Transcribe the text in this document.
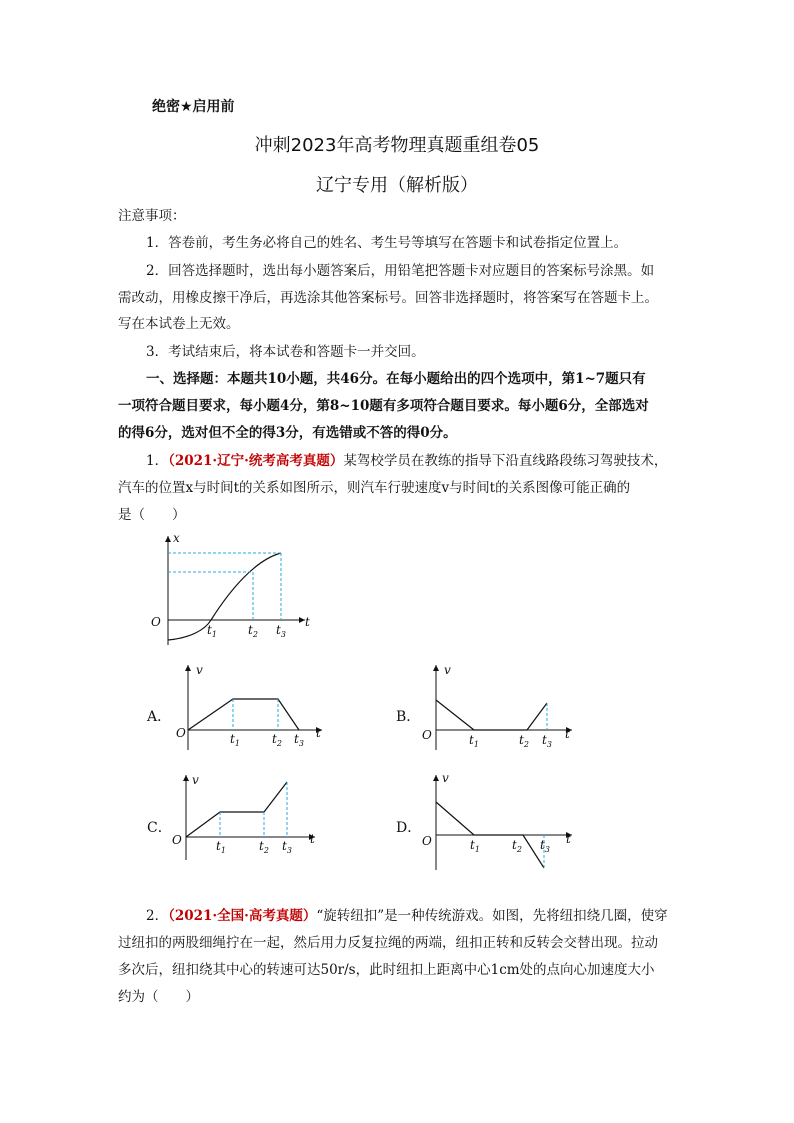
绝密★启用前
冲刺2023年高考物理真题重组卷05
辽宁专用（解析版）
注意事项：
1．答卷前，考生务必将自己的姓名、考生号等填写在答题卡和试卷指定位置上。
2．回答选择题时，选出每小题答案后，用铅笔把答题卡对应题目的答案标号涂黑。如
需改动，用橡皮擦干净后，再选涂其他答案标号。回答非选择题时，将答案写在答题卡上。
写在本试卷上无效。
3．考试结束后，将本试卷和答题卡一并交回。
一、选择题：本题共10小题，共46分。在每小题给出的四个选项中，第1~7题只有
一项符合题目要求，每小题4分，第8~10题有多项符合题目要求。每小题6分，全部选对
的得6分，选对但不全的得3分，有选错或不答的得0分。
1．（2021·辽宁·统考高考真题）某驾校学员在教练的指导下沿直线路段练习驾驶技术，
汽车的位置x与时间t的关系如图所示，则汽车行驶速度v与时间t的关系图像可能正确的
是（　　）
x
O	t
$t_1$	$t_2$ $t_3$
A．
v
O	t
$t_1$	$t_2$ $t_3$
B．
v
O	t
$t_1$	$t_2$ $t_3$
C．
v
O	t
$t_1$	$t_2$ $t_3$
D．
v
O	t
$t_1$	$t_2$ $t_3$
2．（2021·全国·高考真题）“旋转纽扣”是一种传统游戏。如图，先将纽扣绕几圈，使穿
过纽扣的两股细绳拧在一起，然后用力反复拉绳的两端，纽扣正转和反转会交替出现。拉动
多次后，纽扣绕其中心的转速可达50r/s，此时纽扣上距离中心1cm处的点向心加速度大小
约为（　　）
